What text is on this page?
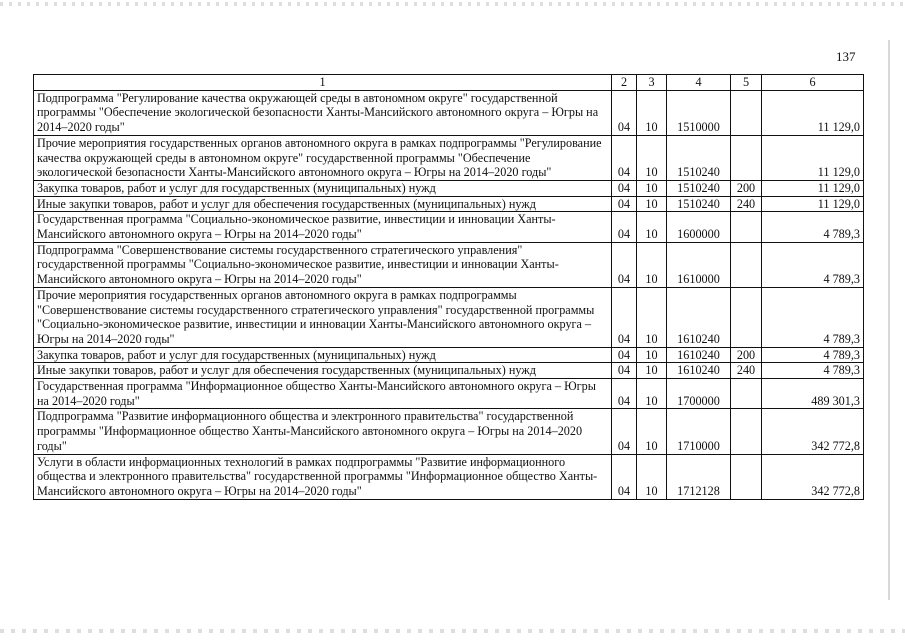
137
1	2	3	4	5	6
Подпрограмма "Регулирование качества окружающей среды в автономном округе" государственной программы "Обеспечение экологической безопасности Ханты-Мансийского автономного округа – Югры на 2014–2020 годы"	04	10	1510000		11 129,0
Прочие мероприятия государственных органов автономного округа в рамках подпрограммы "Регулирование качества окружающей среды в автономном округе" государственной программы "Обеспечение экологической безопасности Ханты-Мансийского автономного округа – Югры на 2014–2020 годы"	04	10	1510240		11 129,0
Закупка товаров, работ и услуг для государственных (муниципальных) нужд	04	10	1510240	200	11 129,0
Иные закупки товаров, работ и услуг для обеспечения государственных (муниципальных) нужд	04	10	1510240	240	11 129,0
Государственная программа "Социально-экономическое развитие, инвестиции и инновации Ханты-Мансийского автономного округа – Югры на 2014–2020 годы"	04	10	1600000		4 789,3
Подпрограмма "Совершенствование системы государственного стратегического управления" государственной программы "Социально-экономическое развитие, инвестиции и инновации Ханты-Мансийского автономного округа – Югры на 2014–2020 годы"	04	10	1610000		4 789,3
Прочие мероприятия государственных органов автономного округа в рамках подпрограммы "Совершенствование системы государственного стратегического управления" государственной программы "Социально-экономическое развитие, инвестиции и инновации Ханты-Мансийского автономного округа – Югры на 2014–2020 годы"	04	10	1610240		4 789,3
Закупка товаров, работ и услуг для государственных (муниципальных) нужд	04	10	1610240	200	4 789,3
Иные закупки товаров, работ и услуг для обеспечения государственных (муниципальных) нужд	04	10	1610240	240	4 789,3
Государственная программа "Информационное общество Ханты-Мансийского автономного округа – Югры на 2014–2020 годы"	04	10	1700000		489 301,3
Подпрограмма "Развитие информационного общества и электронного правительства" государственной программы "Информационное общество Ханты-Мансийского автономного округа – Югры на 2014–2020 годы"	04	10	1710000		342 772,8
Услуги в области информационных технологий в рамках подпрограммы "Развитие информационного общества и электронного правительства" государственной программы "Информационное общество Ханты-Мансийского автономного округа – Югры на 2014–2020 годы"	04	10	1712128		342 772,8
